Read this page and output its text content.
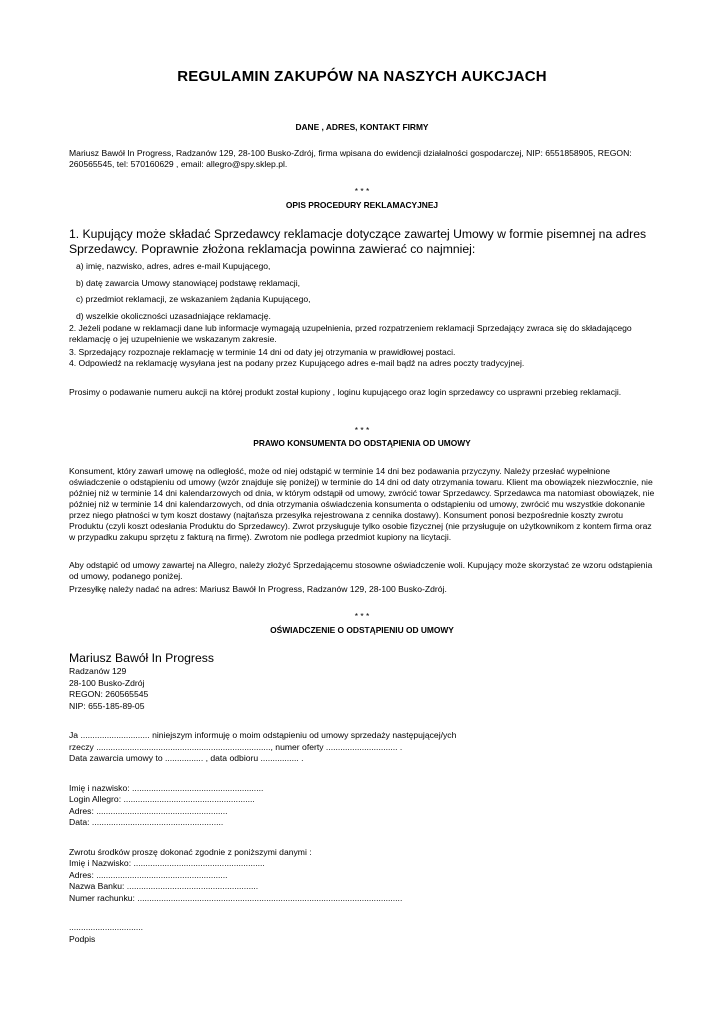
REGULAMIN ZAKUPÓW NA NASZYCH AUKCJACH
DANE , ADRES, KONTAKT FIRMY

Mariusz Bawół In Progress, Radzanów 129, 28-100 Busko-Zdrój, firma wpisana do ewidencji działalności gospodarczej, NIP: 6551858905, REGON: 260565545, tel: 570160629 , email: allegro@spy.sklep.pl.

* * *
OPIS PROCEDURY REKLAMACYJNEJ

1. Kupujący może składać Sprzedawcy reklamacje dotyczące zawartej Umowy w formie pisemnej na adres Sprzedawcy. Poprawnie złożona reklamacja powinna zawierać co najmniej:

a) imię, nazwisko, adres, adres e-mail Kupującego,
b) datę zawarcia Umowy stanowiącej podstawę reklamacji,
c) przedmiot reklamacji, ze wskazaniem żądania Kupującego,
d) wszelkie okoliczności uzasadniające reklamację.

2. Jeżeli podane w reklamacji dane lub informacje wymagają uzupełnienia, przed rozpatrzeniem reklamacji Sprzedający zwraca się do składającego reklamację o jej uzupełnienie we wskazanym zakresie.

3. Sprzedający rozpoznaje reklamację w terminie 14 dni od daty jej otrzymania w prawidłowej postaci.

4. Odpowiedź na reklamację wysyłana jest na podany przez Kupującego adres e-mail bądź na adres poczty tradycyjnej.

Prosimy o podawanie numeru aukcji na której produkt został kupiony , loginu kupującego oraz login sprzedawcy co usprawni przebieg reklamacji.

* * *
PRAWO KONSUMENTA DO ODSTĄPIENIA OD UMOWY

Konsument, który zawarł umowę na odległość, może od niej odstąpić w terminie 14 dni bez podawania przyczyny. Należy przesłać wypełnione oświadczenie o odstąpieniu od umowy (wzór znajduje się poniżej) w terminie do 14 dni od daty otrzymania towaru. Klient ma obowiązek niezwłocznie, nie później niż w terminie 14 dni kalendarzowych od dnia, w którym odstąpił od umowy, zwrócić towar Sprzedawcy. Sprzedawca ma natomiast obowiązek, nie później niż w terminie 14 dni kalendarzowych, od dnia otrzymania oświadczenia konsumenta o odstąpieniu od umowy, zwrócić mu wszystkie dokonanie przez niego płatności w tym koszt dostawy (najtańsza przesyłka rejestrowana z cennika dostawy). Konsument ponosi bezpośrednie koszty zwrotu Produktu (czyli koszt odesłania Produktu do Sprzedawcy). Zwrot przysługuje tylko osobie fizycznej (nie przysługuje on użytkownikom z kontem firma oraz w przypadku zakupu sprzętu z fakturą na firmę). Zwrotom nie podlega przedmiot kupiony na licytacji.

Aby odstąpić od umowy zawartej na Allegro, należy złożyć Sprzedającemu stosowne oświadczenie woli. Kupujący może skorzystać ze wzoru odstąpienia od umowy, podanego poniżej.

Przesyłkę należy nadać na adres: Mariusz Bawół In Progress, Radzanów 129, 28-100 Busko-Zdrój.

* * *
OŚWIADCZENIE O ODSTĄPIENIU OD UMOWY
Mariusz Bawół In Progress
Radzanów 129
28-100 Busko-Zdrój
REGON: 260565545
NIP: 655-185-89-05
Ja ............................. niniejszym informuję o moim odstąpieniu od umowy sprzedaży następującej/ych
rzeczy ........................................................................., numer oferty .............................. .
Data zawarcia umowy to ................ , data odbioru ................ .
Imię i nazwisko: .......................................................
Login Allegro: .......................................................
Adres: .......................................................
Data: .......................................................
Zwrotu środków proszę dokonać zgodnie z poniższymi danymi :
Imię i Nazwisko: .......................................................
Adres: .......................................................
Nazwa Banku: .......................................................
Numer rachunku: ...............................................................................................................
...............................
Podpis
